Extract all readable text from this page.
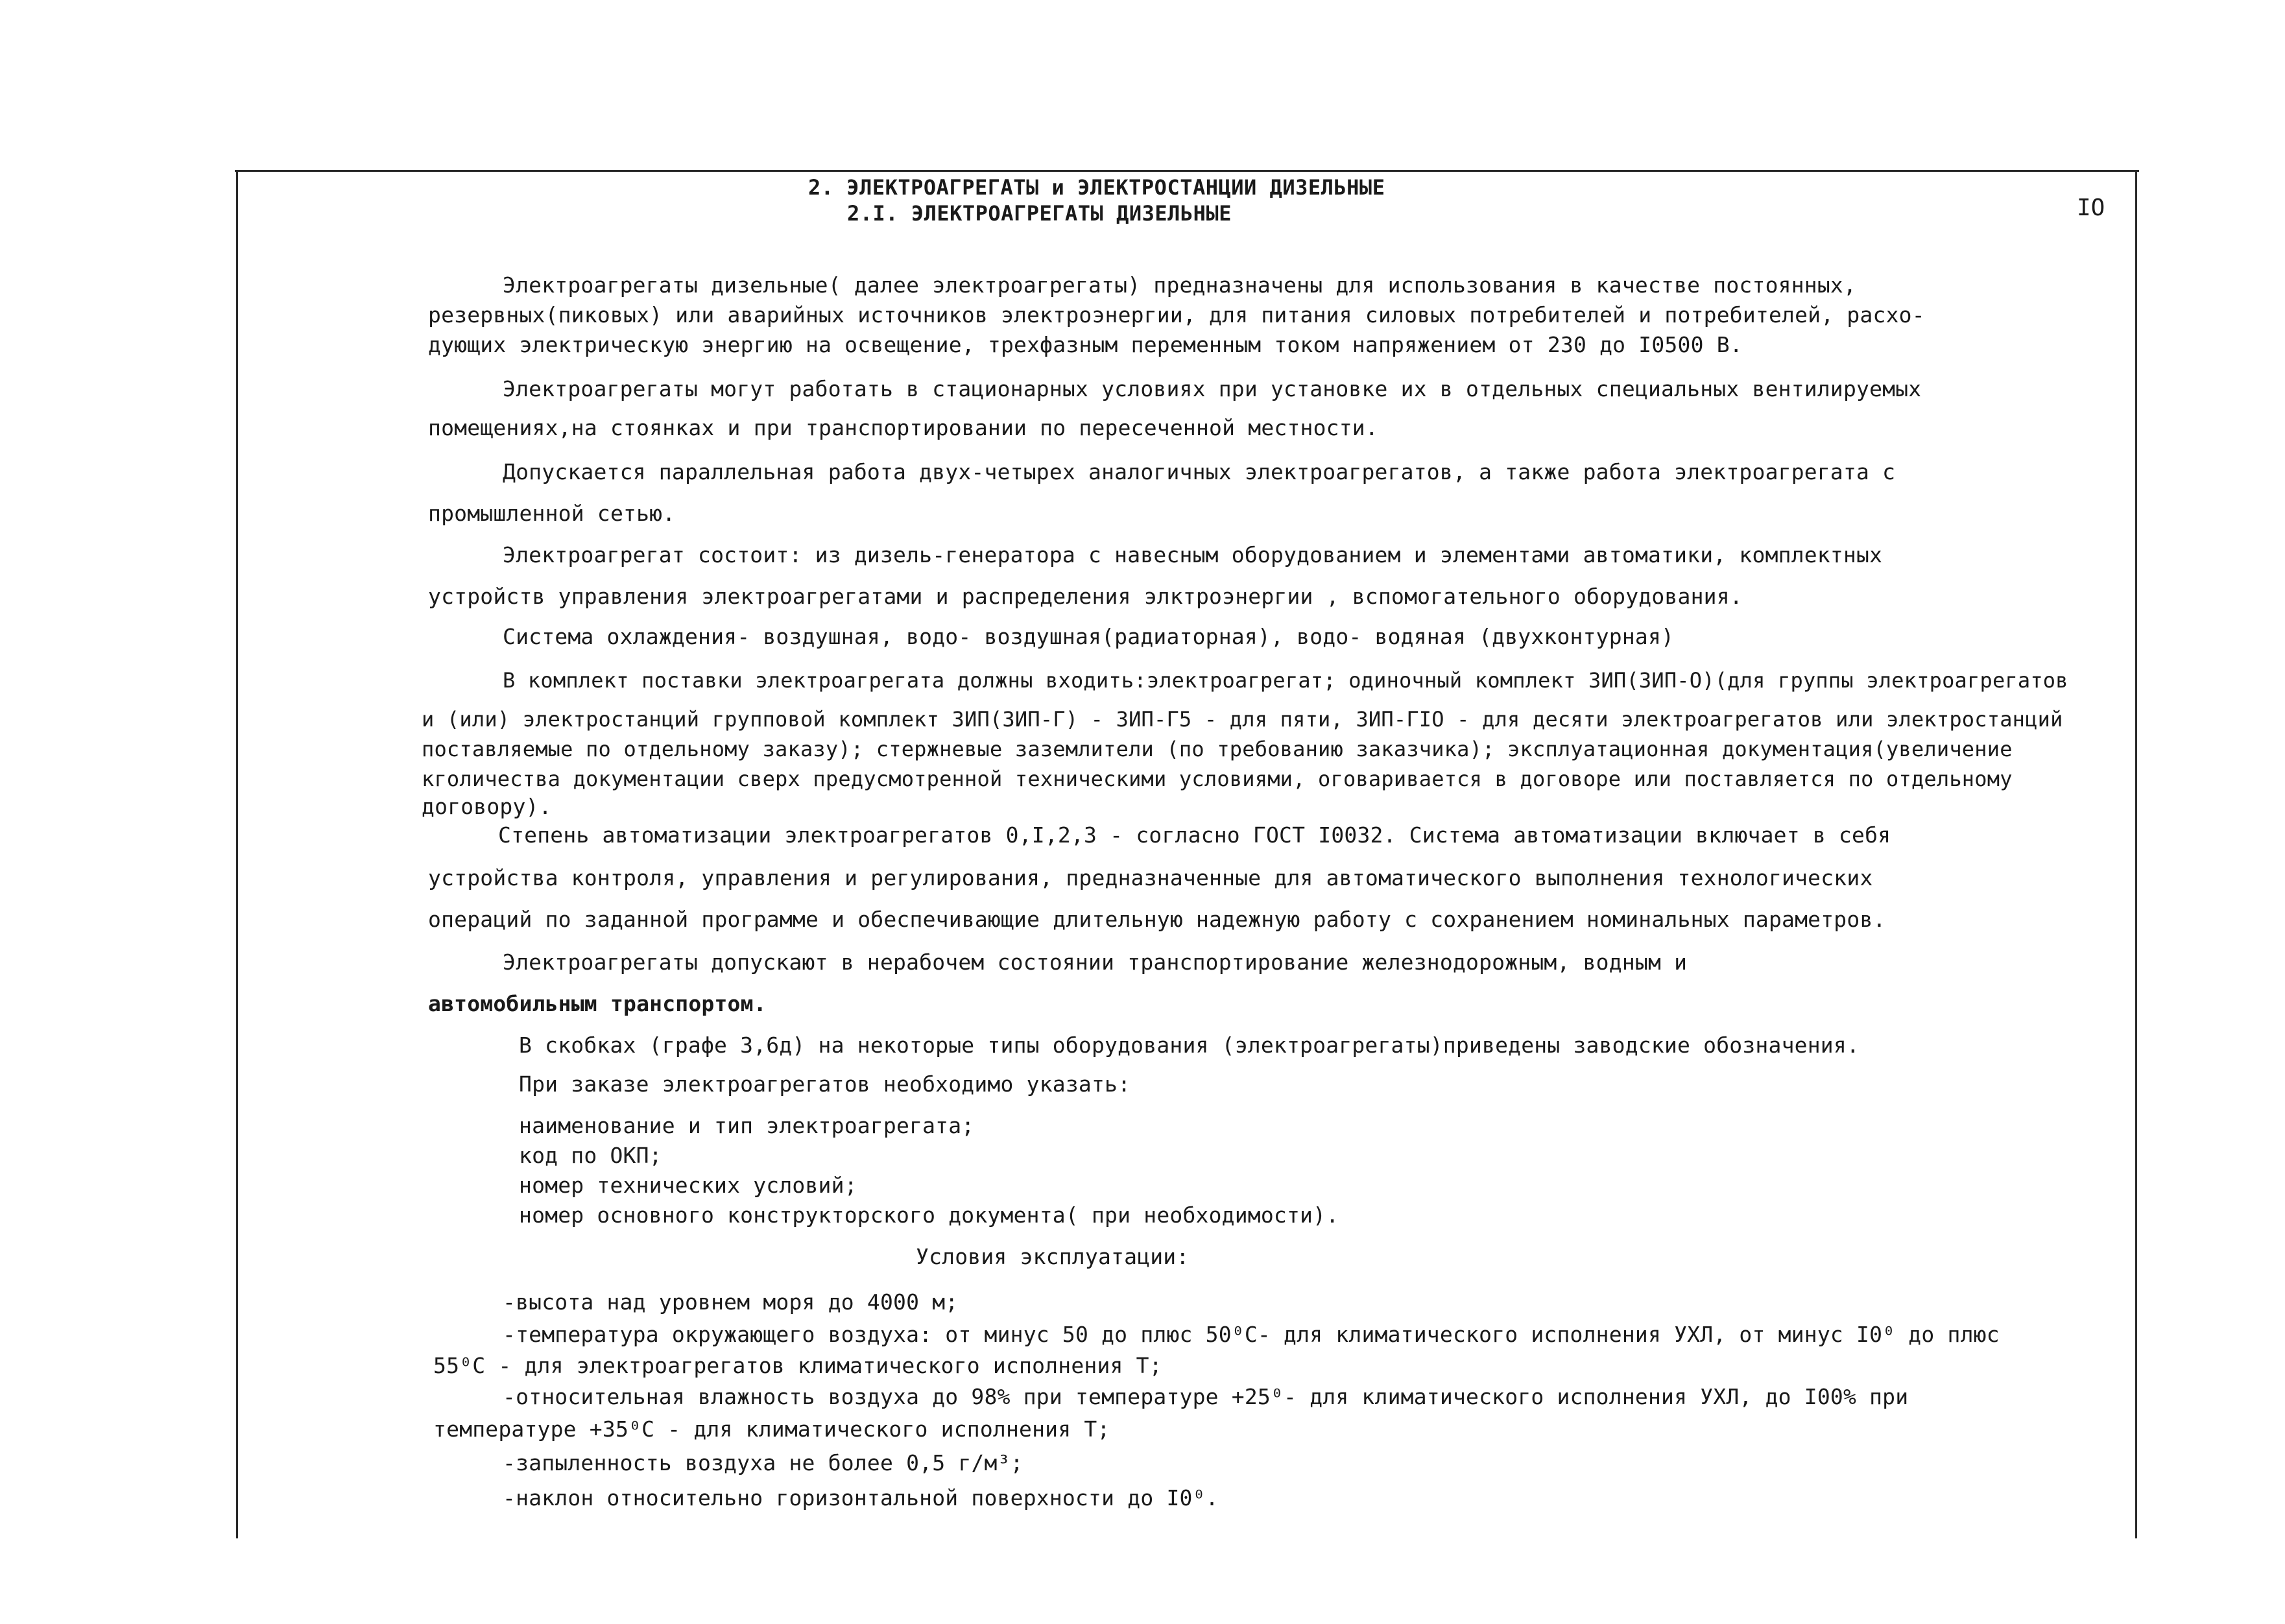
2. ЭЛЕКТРОАГРЕГАТЫ и ЭЛЕКТРОСТАНЦИИ ДИЗЕЛЬНЫЕ
2.I. ЭЛЕКТРОАГРЕГАТЫ ДИЗЕЛЬНЫЕ	IO
Электроагрегаты дизельные( далее электроагрегаты) предназначены для использования в качестве постоянных,
резервных(пиковых) или аварийных источников электроэнергии, для питания силовых потребителей и потребителей, расхо-
дующих электрическую энергию на освещение, трехфазным переменным током напряжением от 230 до I0500 В.
Электроагрегаты могут работать в стационарных условиях при установке их в отдельных специальных вентилируемых
помещениях,на стоянках и при транспортировании по пересеченной местности.
Допускается параллельная работа двух-четырех аналогичных электроагрегатов, а также работа электроагрегата с
промышленной сетью.
Электроагрегат состоит: из дизель-генератора с навесным оборудованием и элементами автоматики, комплектных
устройств управления электроагрегатами и распределения элктроэнергии , вспомогательного оборудования.
Система охлаждения- воздушная, водо- воздушная(радиаторная), водо- водяная (двухконтурная)
В комплект поставки электроагрегата должны входить:электроагрегат; одиночный комплект ЗИП(ЗИП-О)(для группы электроагрегатов
и (или) электростанций групповой комплект ЗИП(ЗИП-Г) - ЗИП-Г5 - для пяти, ЗИП-ГIO - для десяти электроагрегатов или электростанций
поставляемые по отдельному заказу); стержневые заземлители (по требованию заказчика); эксплуатационная документация(увеличение
кголичества документации сверх предусмотренной техническими условиями, оговаривается в договоре или поставляется по отдельному
договору).
Степень автоматизации электроагрегатов 0,I,2,3 - согласно ГОСТ I0032. Система автоматизации включает в себя
устройства контроля, управления и регулирования, предназначенные для автоматического выполнения технологических
операций по заданной программе и обеспечивающие длительную надежную работу с сохранением номинальных параметров.
Электроагрегаты допускают в нерабочем состоянии транспортирование железнодорожным, водным и
автомобильным транспортом.
В скобках (графе 3,6д) на некоторые типы оборудования (электроагрегаты)приведены заводские обозначения.
При заказе электроагрегатов необходимо указать:
наименование и тип электроагрегата;
код по ОКП;
номер технических условий;
номер основного конструкторского документа( при необходимости).
Условия эксплуатации:
-высота над уровнем моря до 4000 м;
-температура окружающего воздуха: от минус 50 до плюс 50⁰С- для климатического исполнения УХЛ, от минус I0⁰ до плюс
55⁰С - для электроагрегатов климатического исполнения Т;
-относительная влажность воздуха до 98% при температуре +25⁰- для климатического исполнения УХЛ, до I00% при
температуре +35⁰С - для климатического исполнения Т;
-запыленность воздуха не более 0,5 г/м³;
-наклон относительно горизонтальной поверхности до I0⁰.
